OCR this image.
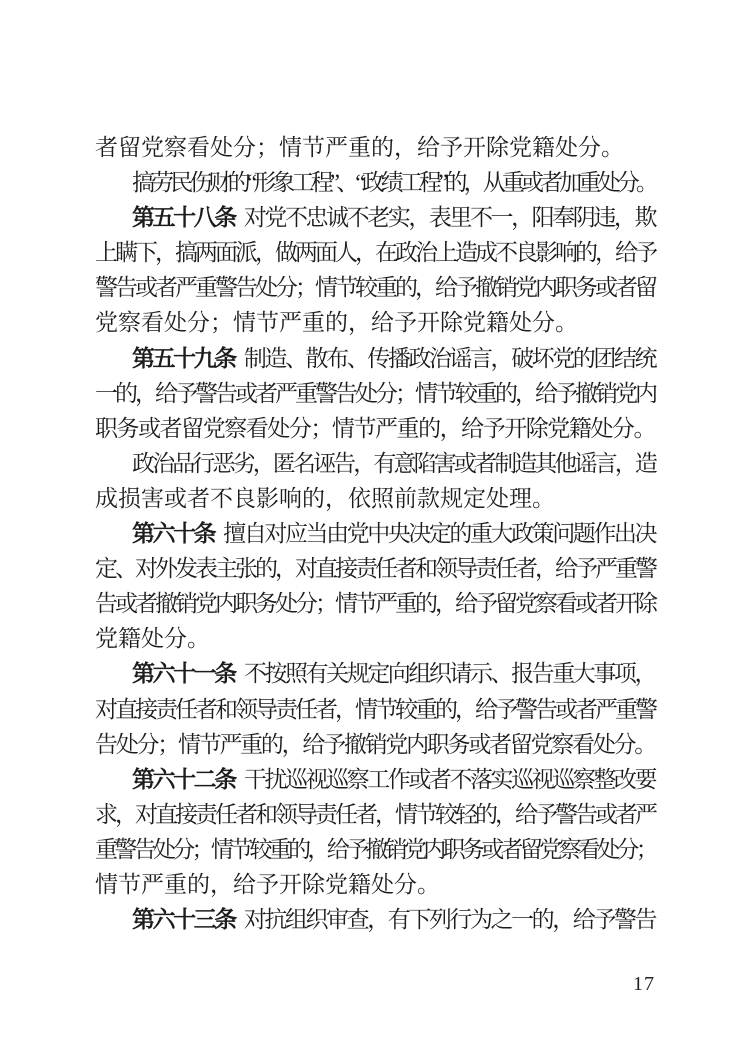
者留党察看处分；情节严重的，给予开除党籍处分。
搞劳民伤财的“形象工程”、“政绩工程”的，从重或者加重处分。
第五十八条 对党不忠诚不老实，表里不一，阳奉阴违，欺
上瞒下，搞两面派，做两面人，在政治上造成不良影响的，给予
警告或者严重警告处分；情节较重的，给予撤销党内职务或者留
党察看处分；情节严重的，给予开除党籍处分。
第五十九条 制造、散布、传播政治谣言，破坏党的团结统
一的，给予警告或者严重警告处分；情节较重的，给予撤销党内
职务或者留党察看处分；情节严重的，给予开除党籍处分。
政治品行恶劣，匿名诬告，有意陷害或者制造其他谣言，造
成损害或者不良影响的，依照前款规定处理。
第六十条 擅自对应当由党中央决定的重大政策问题作出决
定、对外发表主张的，对直接责任者和领导责任者，给予严重警
告或者撤销党内职务处分；情节严重的，给予留党察看或者开除
党籍处分。
第六十一条 不按照有关规定向组织请示、报告重大事项，
对直接责任者和领导责任者，情节较重的，给予警告或者严重警
告处分；情节严重的，给予撤销党内职务或者留党察看处分。
第六十二条 干扰巡视巡察工作或者不落实巡视巡察整改要
求，对直接责任者和领导责任者，情节较轻的，给予警告或者严
重警告处分；情节较重的，给予撤销党内职务或者留党察看处分；
情节严重的，给予开除党籍处分。
第六十三条 对抗组织审查，有下列行为之一的，给予警告
17
